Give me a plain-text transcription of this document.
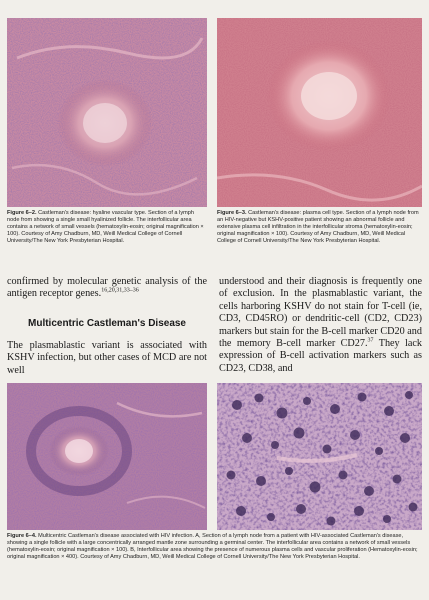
Figure 6–2. Castleman's disease: hyaline vascular type. Section of a lymph node from showing a single small hyalinized follicle. The interfollicular area contains a network of small vessels (hematoxylin-eosin; original magnification × 100). Courtesy of Amy Chadburn, MD, Weill Medical College of Cornell University/The New York Presbyterian Hospital.
Figure 6–3. Castleman's disease: plasma cell type. Section of a lymph node from an HIV-negative but KSHV-positive patient showing an abnormal follicle and extensive plasma cell infiltration in the interfollicular stroma (hematoxylin-eosin; original magnification × 100). Courtesy of Amy Chadburn, MD, Weill Medical College of Cornell University/The New York Presbyterian Hospital.
confirmed by molecular genetic analysis of the antigen receptor genes.$^{16,20,31,33-36}$
Multicentric Castleman's Disease
The plasmablastic variant is associated with KSHV infection, but other cases of MCD are not well
understood and their diagnosis is frequently one of exclusion. In the plasmablastic variant, the cells harboring KSHV do not stain for T-cell (ie, CD3, CD45RO) or dendritic-cell (CD2, CD23) markers but stain for the B-cell marker CD20 and the memory B-cell marker CD27.37 They lack expression of B-cell activation markers such as CD23, CD38, and
Figure 6–4. Multicentric Castleman's disease associated with HIV infection. A, Section of a lymph node from a patient with HIV-associated Castleman's disease, showing a single follicle with a large concentrically arranged mantle zone surrounding a germinal center. The interfollicular area contains a network of small vessels (hematoxylin-eosin; original magnification × 100). B, Interfollicular area showing the presence of numerous plasma cells and vascular proliferation (Hematoxylin-eosin; original magnification × 400). Courtesy of Amy Chadburn, MD, Weill Medical College of Cornell University/The New York Presbyterian Hospital.
